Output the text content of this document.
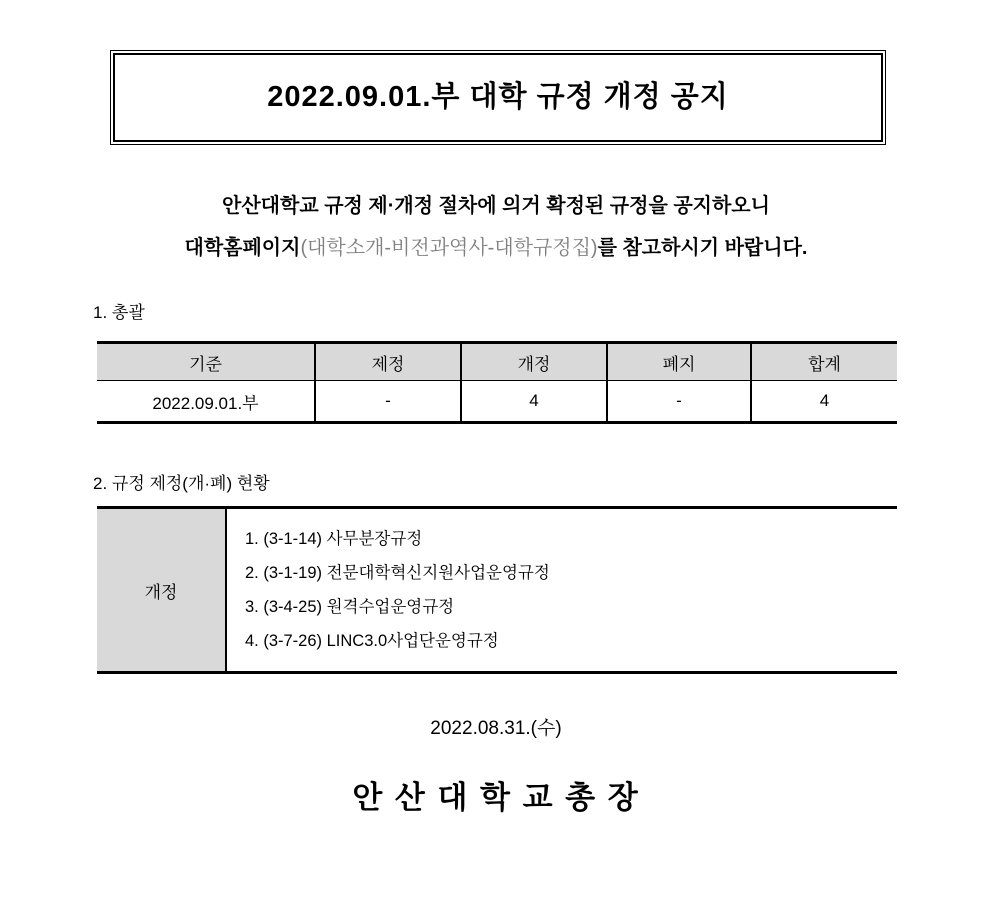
2022.09.01.부 대학 규정 개정 공지
안산대학교 규정 제·개정 절차에 의거 확정된 규정을 공지하오니
대학홈페이지(대학소개-비전과역사-대학규정집)를 참고하시기 바랍니다.
1. 총괄
기준	제정	개정	폐지	합계
2022.09.01.부	-	4	-	4
2. 규정 제정(개·폐) 현황
개정	
1. (3-1-14) 사무분장규정
2. (3-1-19) 전문대학혁신지원사업운영규정
3. (3-4-25) 원격수업운영규정
4. (3-7-26) LINC3.0사업단운영규정
2022.08.31.(수)
안 산 대 학 교 총 장
